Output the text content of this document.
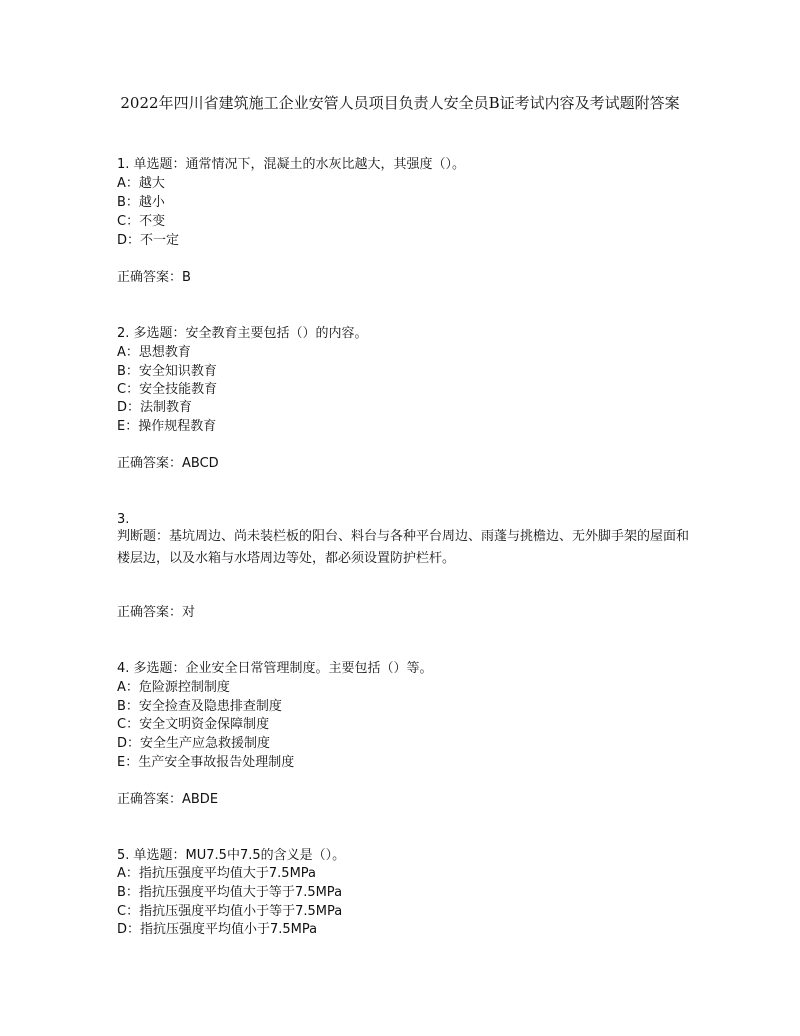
2022年四川省建筑施工企业安管人员项目负责人安全员B证考试内容及考试题附答案
1. 单选题：通常情况下，混凝土的水灰比越大，其强度（）。
A：越大
B：越小
C：不变
D：不一定
正确答案：B
2. 多选题：安全教育主要包括（）的内容。
A：思想教育
B：安全知识教育
C：安全技能教育
D：法制教育
E：操作规程教育
正确答案：ABCD
3.
判断题：基坑周边、尚未装栏板的阳台、料台与各种平台周边、雨蓬与挑檐边、无外脚手架的屋面和楼层边，以及水箱与水塔周边等处，都必须设置防护栏杆。
正确答案：对
4. 多选题：企业安全日常管理制度。主要包括（）等。
A：危险源控制制度
B：安全捡查及隐患排查制度
C：安全文明资金保障制度
D：安全生产应急救援制度
E：生产安全事故报告处理制度
正确答案：ABDE
5. 单选题：MU7.5中7.5的含义是（）。
A：指抗压强度平均值大于7.5MPa
B：指抗压强度平均值大于等于7.5MPa
C：指抗压强度平均值小于等于7.5MPa
D：指抗压强度平均值小于7.5MPa
